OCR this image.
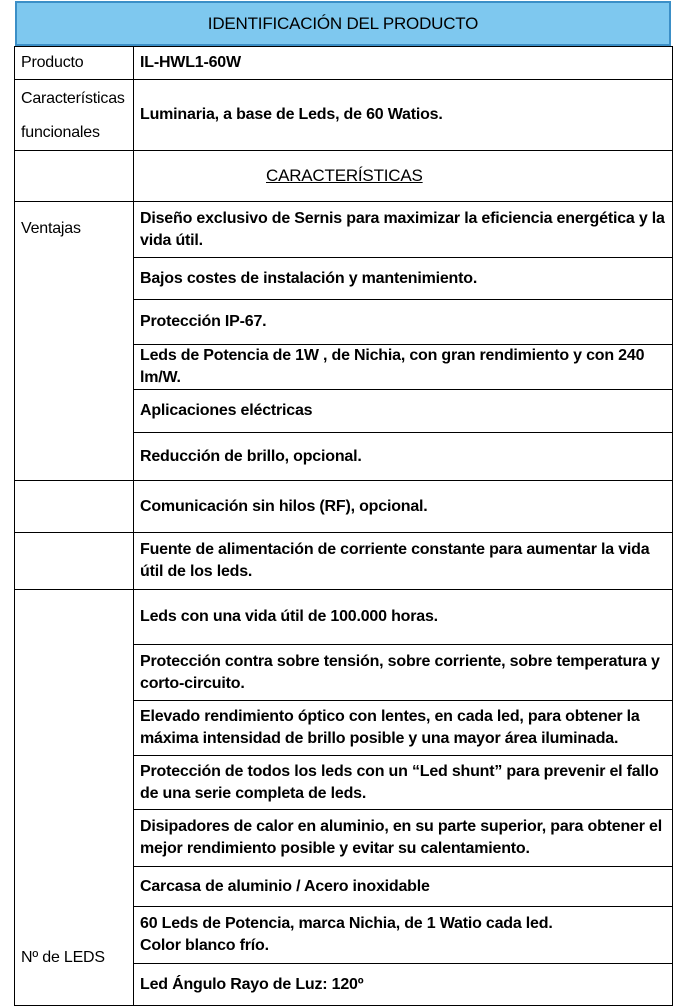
IDENTIFICACIÓN DEL PRODUCTO
Producto	IL-HWL1-60W

Características
funcionales	Luminaria, a base de Leds, de 60 Watios.

	CARACTERÍSTICAS

Ventajas	Diseño exclusivo de Sernis para maximizar la eficiencia energética y la vida útil.
	Bajos costes de instalación y mantenimiento.
	Protección IP-67.
	Leds de Potencia de 1W , de Nichia, con gran rendimiento y con 240 lm/W.
	Aplicaciones eléctricas
	Reducción de brillo, opcional.
	Comunicación sin hilos (RF), opcional.
	Fuente de alimentación de corriente constante para aumentar la vida útil de los leds.

Nº de LEDS	Leds con una vida útil de 100.000 horas.
	Protección contra sobre tensión, sobre corriente, sobre temperatura y corto-circuito.
	Elevado rendimiento óptico con lentes, en cada led, para obtener la máxima intensidad de brillo posible y una mayor área iluminada.
	Protección de todos los leds con un “Led shunt” para prevenir el fallo de una serie completa de leds.
	Disipadores de calor en aluminio, en su parte superior, para obtener el mejor rendimiento posible y evitar su calentamiento.
	Carcasa de aluminio / Acero inoxidable
	60 Leds de Potencia, marca Nichia, de 1 Watio cada led.
Color blanco frío.
	Led Ángulo Rayo de Luz: 120º
